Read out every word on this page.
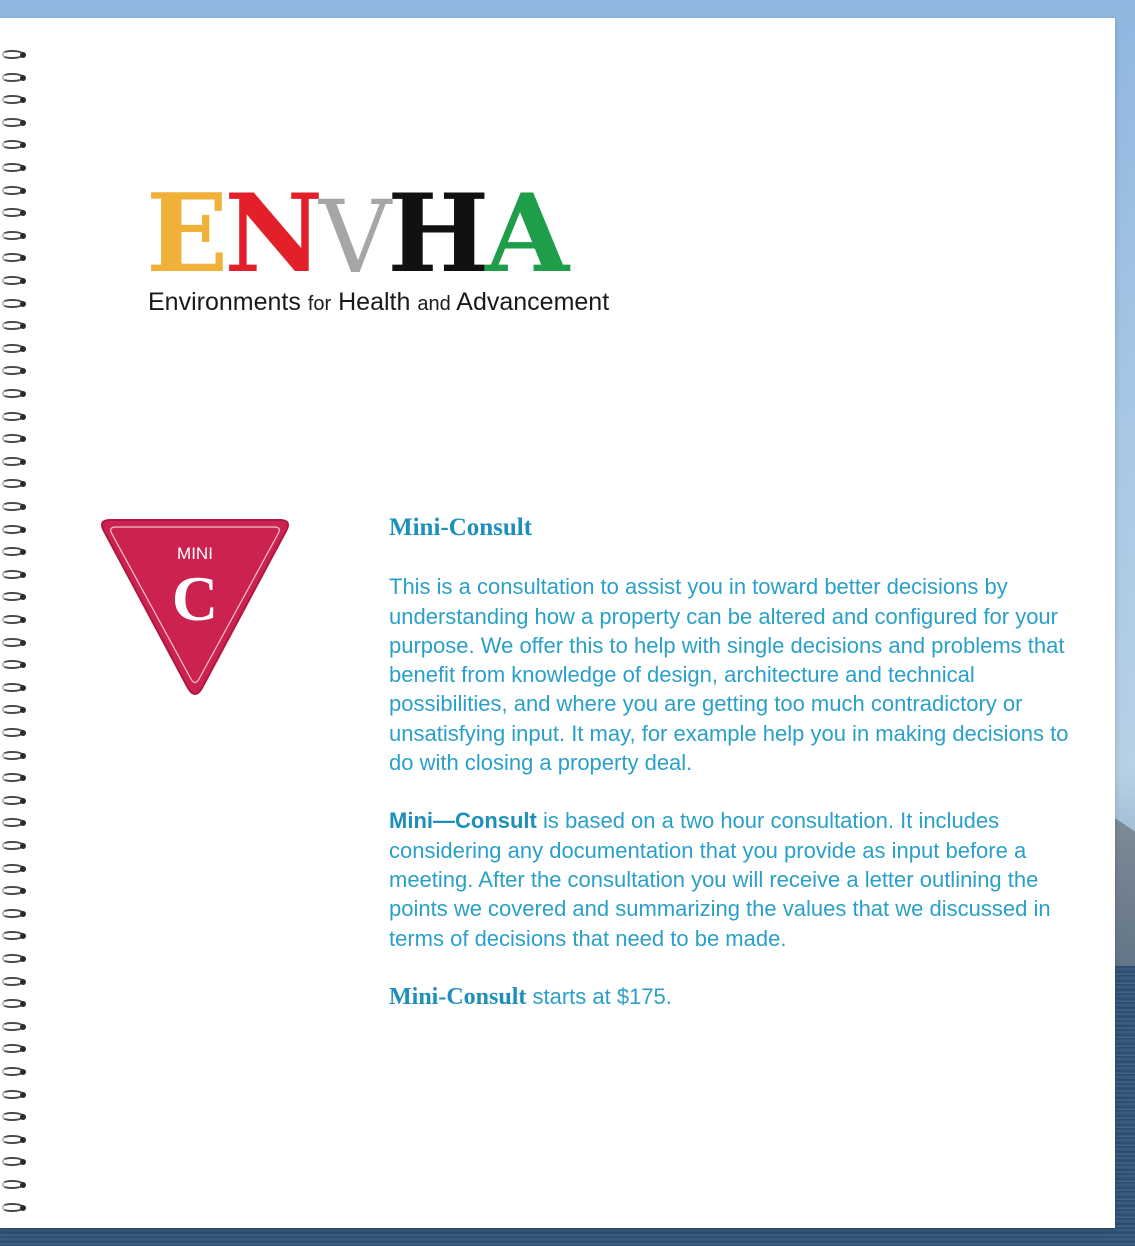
E N V H A
Environments for Health and Advancement
MINI
C
Mini-Consult

This is a consultation to assist you in toward better decisions by understanding how a property can be altered and configured for your purpose. We offer this to help with single decisions and problems that benefit from knowledge of design, architecture and technical possibilities, and where you are getting too much contradictory or unsatisfying input. It may, for example help you in making decisions to do with closing a property deal.

Mini—Consult is based on a two hour consultation. It includes considering any documentation that you provide as input before a meeting. After the consultation you will receive a letter outlining the points we covered and summarizing the values that we discussed in terms of decisions that need to be made.

Mini-Consult starts at $175.
